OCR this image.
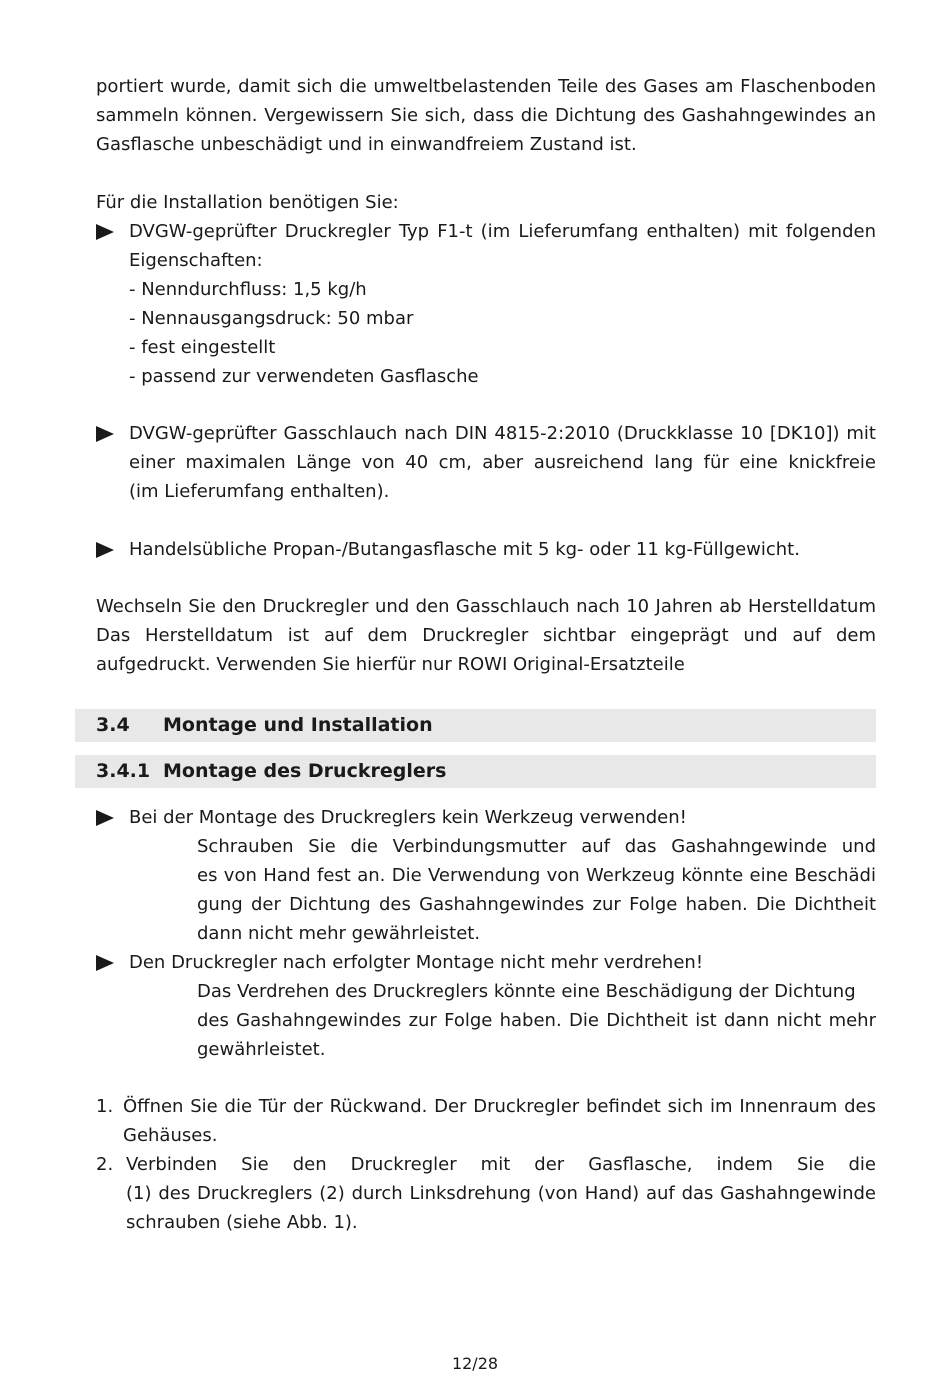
portiert wurde, damit sich die umweltbelastenden Teile des Gases am Flaschenboden
sammeln können. Vergewissern Sie sich, dass die Dichtung des Gashahngewindes an
Gasflasche unbeschädigt und in einwandfreiem Zustand ist.
Für die Installation benötigen Sie:
DVGW-geprüfter Druckregler Typ F1-t (im Lieferumfang enthalten) mit folgenden
Eigenschaften:
- Nenndurchfluss: 1,5 kg/h
- Nennausgangsdruck: 50 mbar
- fest eingestellt
- passend zur verwendeten Gasflasche
DVGW-geprüfter Gasschlauch nach DIN 4815-2:2010 (Druckklasse 10 [DK10]) mit
einer maximalen Länge von 40 cm, aber ausreichend lang für eine knickfreie
(im Lieferumfang enthalten).
Handelsübliche Propan-/Butangasflasche mit 5 kg- oder 11 kg-Füllgewicht.
Wechseln Sie den Druckregler und den Gasschlauch nach 10 Jahren ab Herstelldatum
Das Herstelldatum ist auf dem Druckregler sichtbar eingeprägt und auf dem
aufgedruckt. Verwenden Sie hierfür nur ROWI Original-Ersatzteile
3.4 Montage und Installation
3.4.1 Montage des Druckreglers
Bei der Montage des Druckreglers kein Werkzeug verwenden!
Schrauben Sie die Verbindungsmutter auf das Gashahngewinde und
es von Hand fest an. Die Verwendung von Werkzeug könnte eine Beschädi
gung der Dichtung des Gashahngewindes zur Folge haben. Die Dichtheit
dann nicht mehr gewährleistet.
Den Druckregler nach erfolgter Montage nicht mehr verdrehen!
Das Verdrehen des Druckreglers könnte eine Beschädigung der Dichtung
des Gashahngewindes zur Folge haben. Die Dichtheit ist dann nicht mehr
gewährleistet.
1. Öffnen Sie die Tür der Rückwand. Der Druckregler befindet sich im Innenraum des
Gehäuses.
2. Verbinden Sie den Druckregler mit der Gasflasche, indem Sie die
(1) des Druckreglers (2) durch Linksdrehung (von Hand) auf das Gashahngewinde
schrauben (siehe Abb. 1).
12/28
